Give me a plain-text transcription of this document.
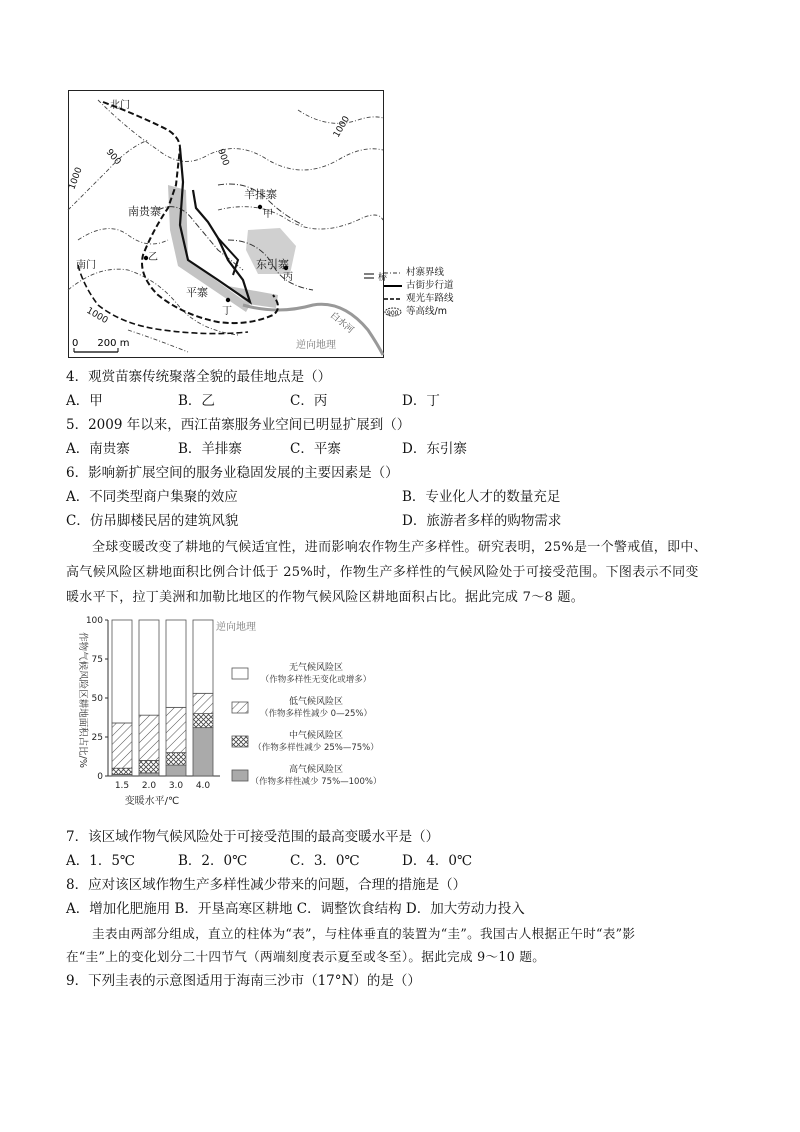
北门
南门
南贵寨
羊排寨
东引寨
平寨
甲
乙
丙
丁
900	900
1000
1000
1000	白水河
逆向地理
0      200 m
桥 村寨界线
古街步行道
观光车路线
900 等高线/m
4．观赏苗寨传统聚落全貌的最佳地点是（）
A．甲	B．乙	C．丙	D．丁
5．2009 年以来，西江苗寨服务业空间已明显扩展到（）
A．南贵寨	B．羊排寨	C．平寨	D．东引寨
6．影响新扩展空间的服务业稳固发展的主要因素是（）
A．不同类型商户集聚的效应	B．专业化人才的数量充足
C．仿吊脚楼民居的建筑风貌	D．旅游者多样的购物需求
全球变暖改变了耕地的气候适宜性，进而影响农作物生产多样性。研究表明，25%是一个警戒值，即中、
高气候风险区耕地面积比例合计低于 25%时，作物生产多样性的气候风险处于可接受范围。下图表示不同变
暖水平下，拉丁美洲和加勒比地区的作物气候风险区耕地面积占比。据此完成 7～8 题。
0
25
50
75
100
1.5 2.0 3.0 4.0
无气候风险区
（作物多样性无变化或增多）
低气候风险区
（作物多样性减少 0—25%）
中气候风险区
（作物多样性减少 25%—75%）
高气候风险区
（作物多样性减少 75%—100%）
作物气候风险区耕地面积占比/%
变暖水平/℃
逆向地理
7．该区域作物气候风险处于可接受范围的最高变暖水平是（）
A．1．5℃	B．2．0℃	C．3．0℃	D．4．0℃
8．应对该区域作物生产多样性减少带来的问题，合理的措施是（）
A．增加化肥施用 B．开垦高寒区耕地 C．调整饮食结构 D．加大劳动力投入
圭表由两部分组成，直立的柱体为“表”，与柱体垂直的装置为“圭”。我国古人根据正午时“表”影
在“圭”上的变化划分二十四节气（两端刻度表示夏至或冬至）。据此完成 9～10 题。
9．下列圭表的示意图适用于海南三沙市（17°N）的是（）
